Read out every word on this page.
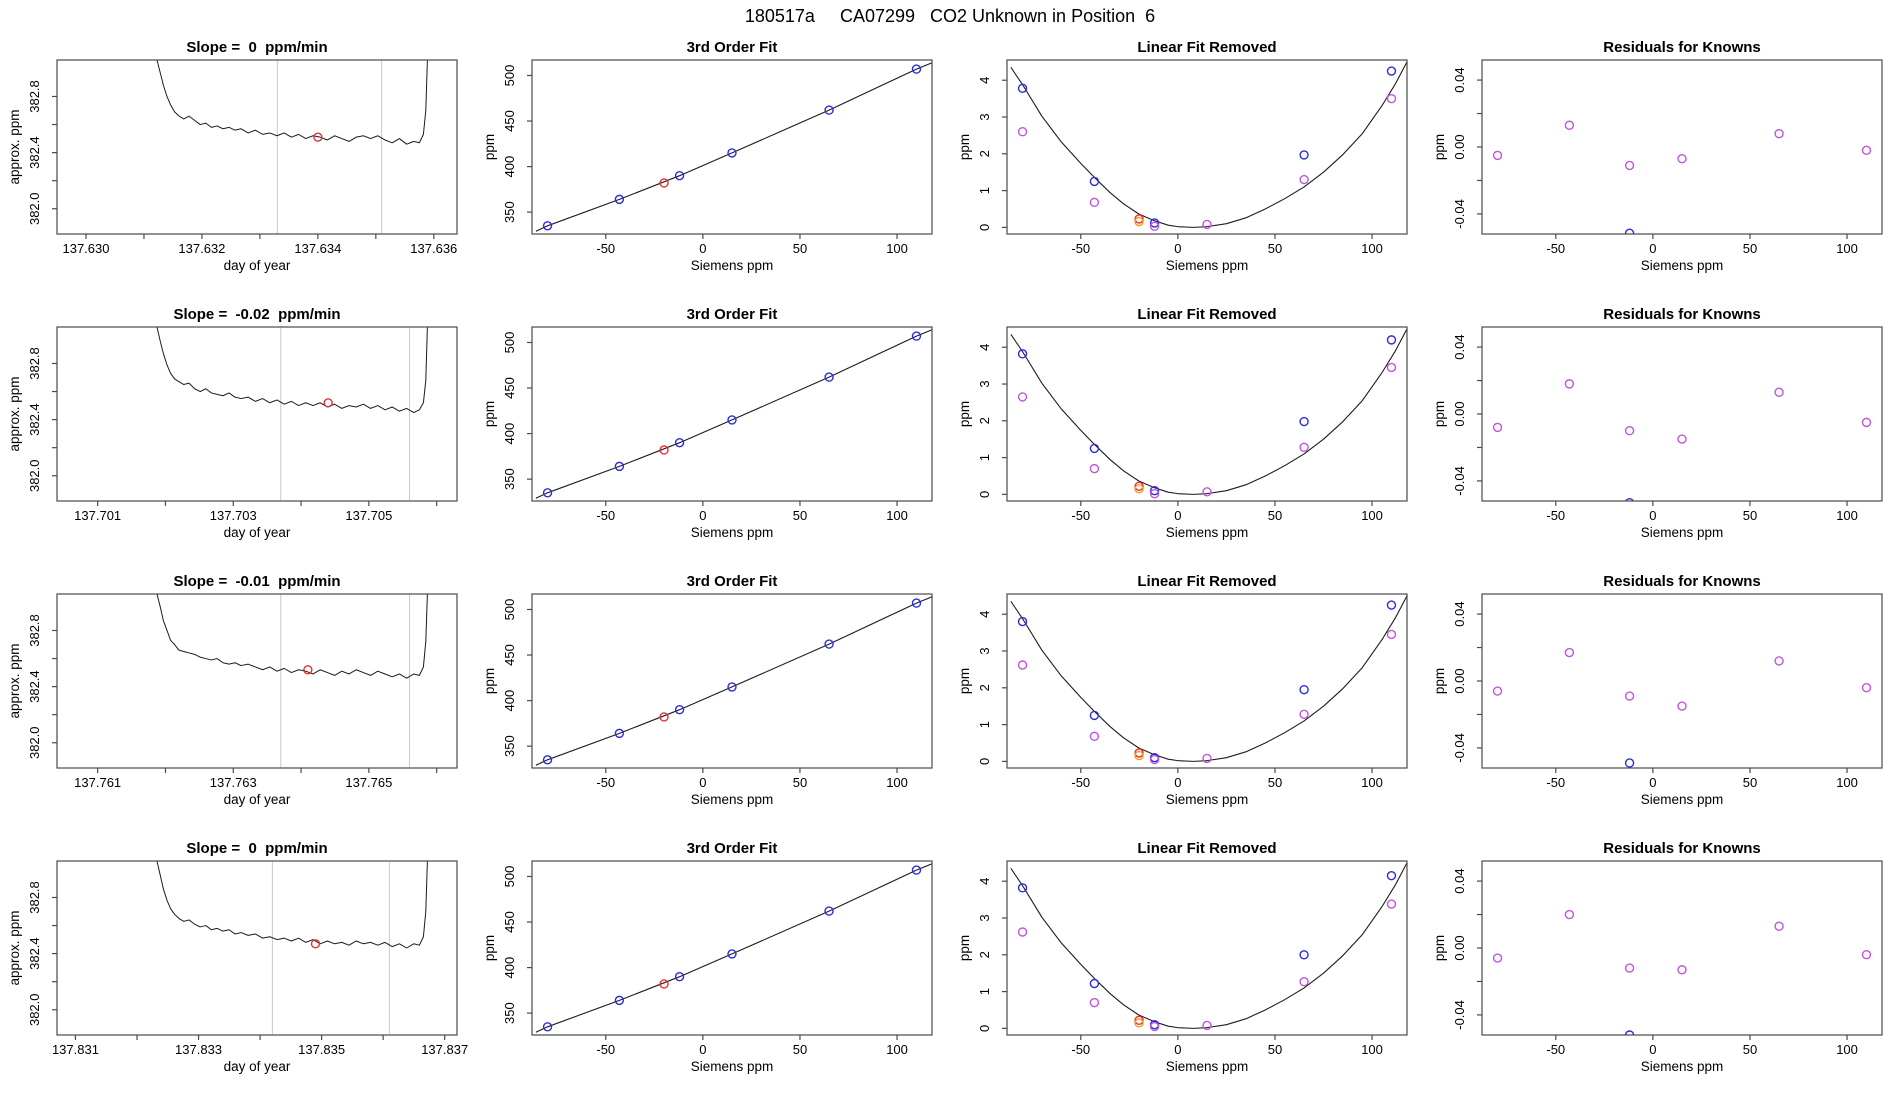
180517a     CA07299   CO2 Unknown in Position  6
Slope =  0  ppm/min
137.630	137.632	137.634	137.636
382.0
382.4
382.8
day of year
approx. ppm
3rd Order Fit
-50	0	50	100
350
400
450
500
Siemens ppm
ppm
Linear Fit Removed
-50	0	50	100
0
1
2
3
4
Siemens ppm
ppm
Residuals for Knowns
-50	0	50	100
-0.04
0.00
0.04
Siemens ppm
ppm
Slope =  -0.02  ppm/min
137.701	137.703	137.705
382.0
382.4
382.8
day of year
approx. ppm
3rd Order Fit
-50	0	50	100
350
400
450
500
Siemens ppm
ppm
Linear Fit Removed
-50	0	50	100
0
1
2
3
4
Siemens ppm
ppm
Residuals for Knowns
-50	0	50	100
-0.04
0.00
0.04
Siemens ppm
ppm
Slope =  -0.01  ppm/min
137.761	137.763	137.765
382.0
382.4
382.8
day of year
approx. ppm
3rd Order Fit
-50	0	50	100
350
400
450
500
Siemens ppm
ppm
Linear Fit Removed
-50	0	50	100
0
1
2
3
4
Siemens ppm
ppm
Residuals for Knowns
-50	0	50	100
-0.04
0.00
0.04
Siemens ppm
ppm
Slope =  0  ppm/min
137.831	137.833	137.835	137.837
382.0
382.4
382.8
day of year
approx. ppm
3rd Order Fit
-50	0	50	100
350
400
450
500
Siemens ppm
ppm
Linear Fit Removed
-50	0	50	100
0
1
2
3
4
Siemens ppm
ppm
Residuals for Knowns
-50	0	50	100
-0.04
0.00
0.04
Siemens ppm
ppm
